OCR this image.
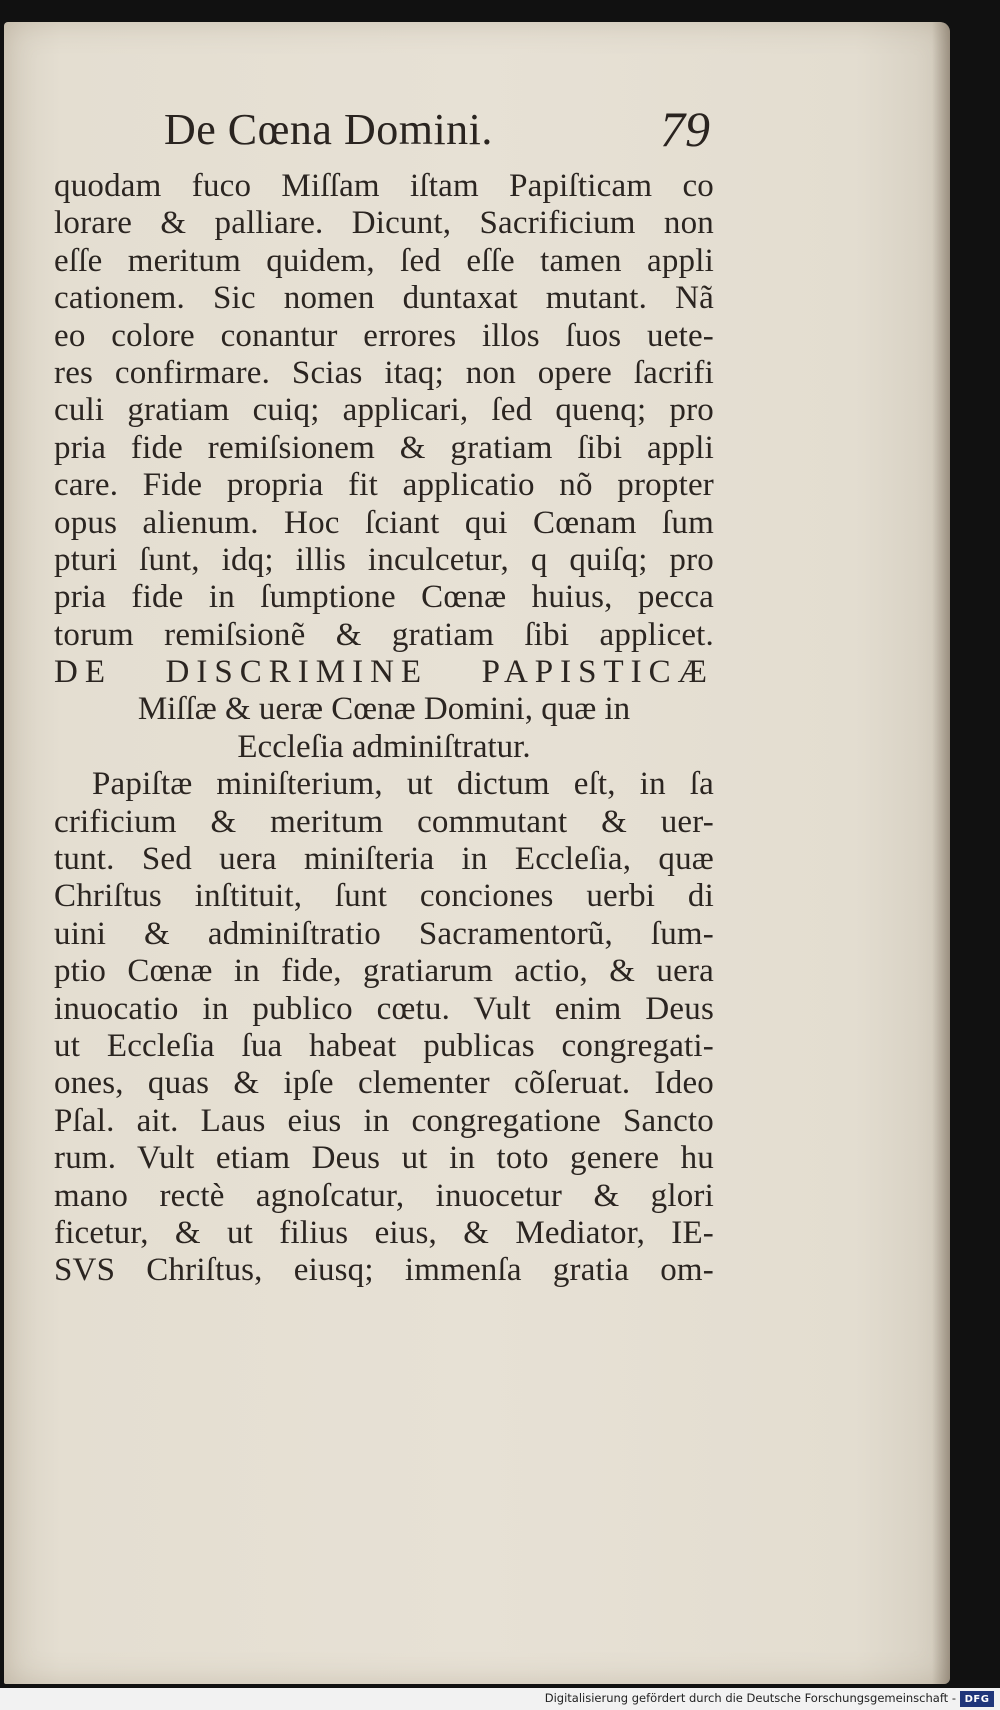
De Cœna Domini.	79
quodam fuco Miſſam iſtam Papiſticam co
lorare & palliare. Dicunt, Sacrificium non
eſſe meritum quidem, ſed eſſe tamen appli
cationem. Sic nomen duntaxat mutant. Nã
eo colore conantur errores illos ſuos uete-
res confirmare. Scias itaq; non opere ſacrifi
culi gratiam cuiq; applicari, ſed quenq; pro
pria fide remiſsionem & gratiam ſibi appli
care. Fide propria fit applicatio nõ propter
opus alienum. Hoc ſciant qui Cœnam ſum
pturi ſunt, idq; illis inculcetur, q quiſq; pro
pria fide in ſumptione Cœnæ huius, pecca
torum remiſsionẽ & gratiam ſibi applicet.
DE DISCRIMINE PAPISTICÆ
Miſſæ & ueræ Cœnæ Domini, quæ in
Eccleſia adminiſtratur.
Papiſtæ miniſterium, ut dictum eſt, in ſa
crificium & meritum commutant & uer-
tunt. Sed uera miniſteria in Eccleſia, quæ
Chriſtus inſtituit, ſunt conciones uerbi di
uini & adminiſtratio Sacramentorũ, ſum-
ptio Cœnæ in fide, gratiarum actio, & uera
inuocatio in publico cœtu. Vult enim Deus
ut Eccleſia ſua habeat publicas congregati-
ones, quas & ipſe clementer cõſeruat. Ideo
Pſal. ait. Laus eius in congregatione Sancto
rum. Vult etiam Deus ut in toto genere hu
mano rectè agnoſcatur, inuocetur & glori
ficetur, & ut filius eius, & Mediator, IE-
SVS Chriſtus, eiusq; immenſa gratia om-
Digitalisierung gefördert durch die Deutsche Forschungsgemeinschaft - DFG
